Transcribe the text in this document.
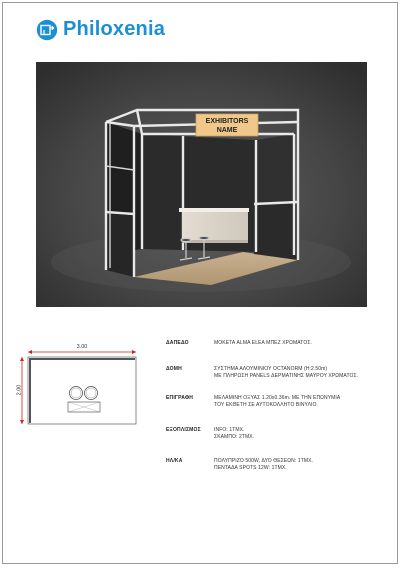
Philoxenia
EXHIBITORS
NAME
3.00
2.00
ΔΑΠΕΔΟ	ΜΟΚΕΤΑ ALMA ELEA ΜΠΕΖ ΧΡΩΜΑΤΟΣ.
ΔΟΜΗ	ΣΥΣΤΗΜΑ ΑΛΟΥΜΙΝΙΟΥ OCTANORM (H:2.50m)
ΜΕ ΠΛΗΡΩΣΗ PANELS ΔΕΡΜΑΤΙΝΗΣ ΜΑΥΡΟΥ ΧΡΩΜΑΤΟΣ.
ΕΠΙΓΡΑΦΗ	ΜΕΛΑΜΙΝΗ ΟΞΥΑΣ 1.20x0.36m. ΜΕ ΤΗΝ ΕΠΩΝΥΜΙΑ
ΤΟΥ ΕΚΘΕΤΗ ΣΕ ΑΥΤΟΚΟΛΛΗΤΟ ΒΙΝΥΛΙΟ.
ΕΞΟΠΛΙΣΜΟΣ	INFO: 1ΤΜΧ.
ΣΚΑΜΠΟ: 2ΤΜΧ.
ΗΛ/ΚΑ	ΠΟΛΥΠΡΙΖΟ 500W, ΔΥΟ ΘΕΣΕΩΝ: 1ΤΜΧ.
ΠΕΝΤΑΔΑ SPOTS 12W: 1ΤΜΧ.
